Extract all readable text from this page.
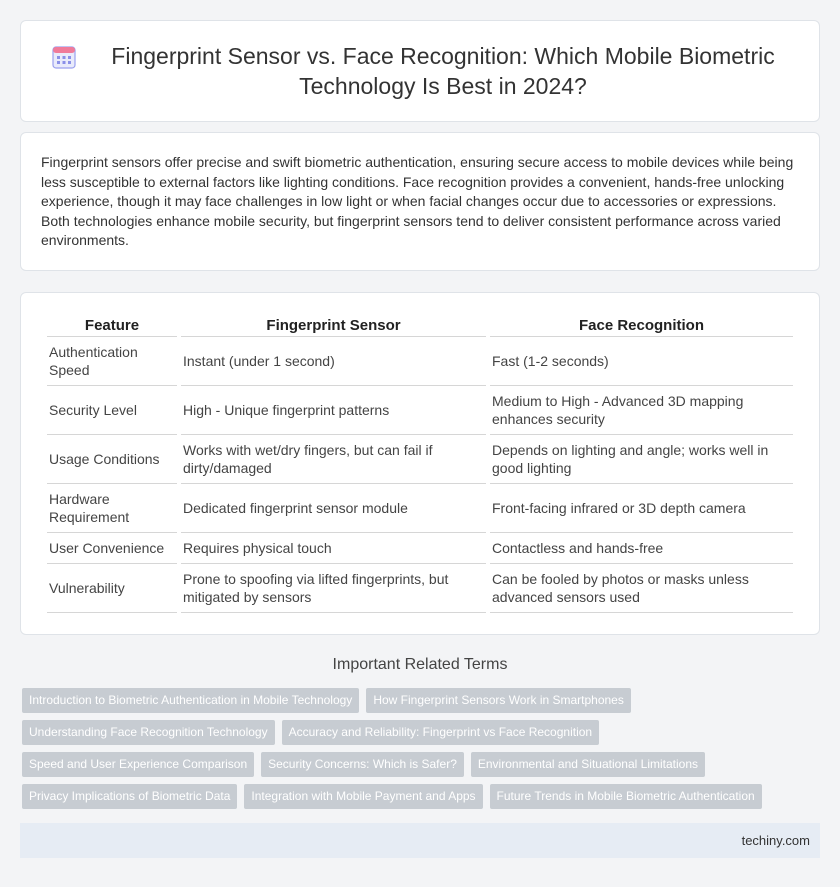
Fingerprint Sensor vs. Face Recognition: Which Mobile Biometric Technology Is Best in 2024?

Fingerprint sensors offer precise and swift biometric authentication, ensuring secure access to mobile devices while being less susceptible to external factors like lighting conditions. Face recognition provides a convenient, hands-free unlocking experience, though it may face challenges in low light or when facial changes occur due to accessories or expressions. Both technologies enhance mobile security, but fingerprint sensors tend to deliver consistent performance across varied environments.

Feature	Fingerprint Sensor	Face Recognition
Authentication Speed	Instant (under 1 second)	Fast (1-2 seconds)
Security Level	High - Unique fingerprint patterns	Medium to High - Advanced 3D mapping enhances security
Usage Conditions	Works with wet/dry fingers, but can fail if dirty/damaged	Depends on lighting and angle; works well in good lighting
Hardware Requirement	Dedicated fingerprint sensor module	Front-facing infrared or 3D depth camera
User Convenience	Requires physical touch	Contactless and hands-free
Vulnerability	Prone to spoofing via lifted fingerprints, but mitigated by sensors	Can be fooled by photos or masks unless advanced sensors used
Important Related Terms
Introduction to Biometric Authentication in Mobile Technology	How Fingerprint Sensors Work in Smartphones
Understanding Face Recognition Technology	Accuracy and Reliability: Fingerprint vs Face Recognition
Speed and User Experience Comparison	Security Concerns: Which is Safer?	Environmental and Situational Limitations
Privacy Implications of Biometric Data	Integration with Mobile Payment and Apps	Future Trends in Mobile Biometric Authentication
techiny.com
